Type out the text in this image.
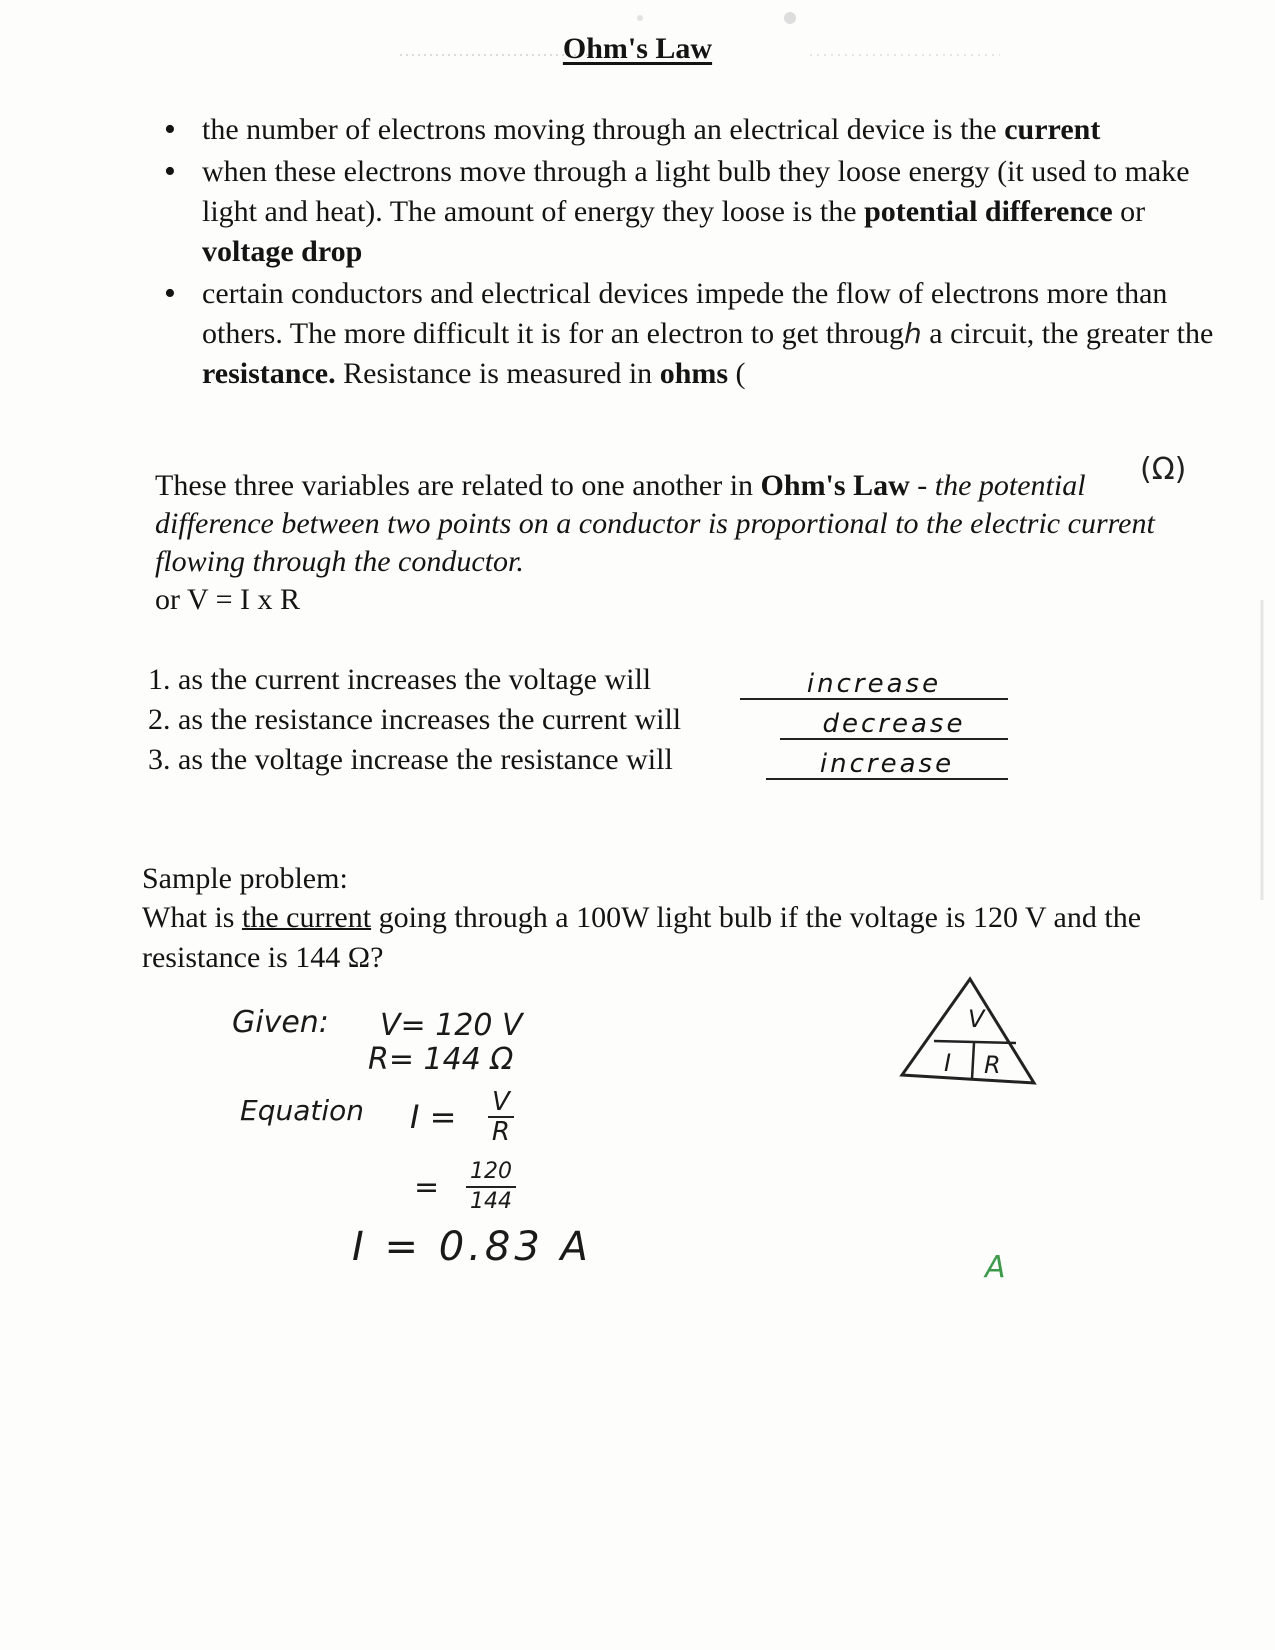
Ohm's Law
• the number of electrons moving through an electrical device is the current
• when these electrons move through a light bulb they loose energy (it used to make light and heat). The amount of energy they loose is the potential difference or voltage drop
• certain conductors and electrical devices impede the flow of electrons more than others. The more difficult it is for an electron to get through a circuit, the greater the resistance. Resistance is measured in ohms (
(Ω)
These three variables are related to one another in Ohm's Law - the potential difference between two points on a conductor is proportional to the electric current flowing through the conductor.
or V = I x R
1. as the current increases the voltage will	increase
2. as the resistance increases the current will	decrease
3. as the voltage increase the resistance will	increase
Sample problem:
What is the current going through a 100W light bulb if the voltage is 120 V and the resistance is 144 Ω?
Given: V= 120 V
R= 144 Ω
Equation $I = \frac{V}{R}$
= $\frac{120}{144}$
I = 0.83 A
V
I R
A
